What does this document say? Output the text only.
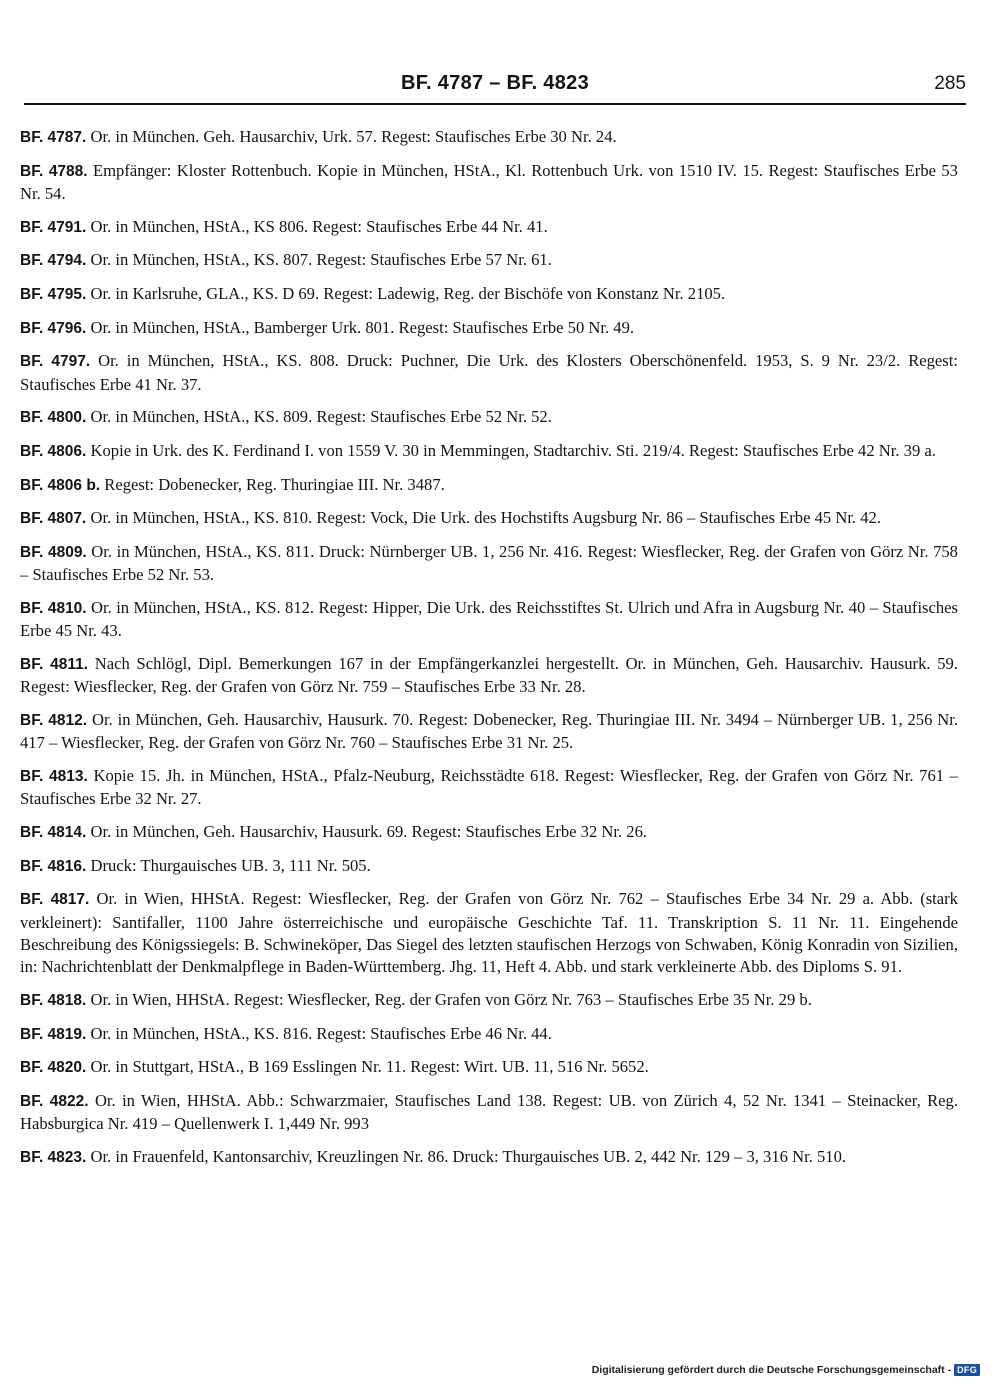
BF. 4787 – BF. 4823	285

BF. 4787. Or. in München. Geh. Hausarchiv, Urk. 57. Regest: Staufisches Erbe 30 Nr. 24.

BF. 4788. Empfänger: Kloster Rottenbuch. Kopie in München, HStA., Kl. Rottenbuch Urk. von 1510 IV. 15. Regest: Staufisches Erbe 53 Nr. 54.

BF. 4791. Or. in München, HStA., KS 806. Regest: Staufisches Erbe 44 Nr. 41.

BF. 4794. Or. in München, HStA., KS. 807. Regest: Staufisches Erbe 57 Nr. 61.

BF. 4795. Or. in Karlsruhe, GLA., KS. D 69. Regest: Ladewig, Reg. der Bischöfe von Konstanz Nr. 2105.

BF. 4796. Or. in München, HStA., Bamberger Urk. 801. Regest: Staufisches Erbe 50 Nr. 49.

BF. 4797. Or. in München, HStA., KS. 808. Druck: Puchner, Die Urk. des Klosters Oberschönenfeld. 1953, S. 9 Nr. 23/2. Regest: Staufisches Erbe 41 Nr. 37.

BF. 4800. Or. in München, HStA., KS. 809. Regest: Staufisches Erbe 52 Nr. 52.

BF. 4806. Kopie in Urk. des K. Ferdinand I. von 1559 V. 30 in Memmingen, Stadtarchiv. Sti. 219/4. Regest: Staufisches Erbe 42 Nr. 39 a.

BF. 4806 b. Regest: Dobenecker, Reg. Thuringiae III. Nr. 3487.

BF. 4807. Or. in München, HStA., KS. 810. Regest: Vock, Die Urk. des Hochstifts Augsburg Nr. 86 – Staufisches Erbe 45 Nr. 42.

BF. 4809. Or. in München, HStA., KS. 811. Druck: Nürnberger UB. 1, 256 Nr. 416. Regest: Wiesflecker, Reg. der Grafen von Görz Nr. 758 – Staufisches Erbe 52 Nr. 53.

BF. 4810. Or. in München, HStA., KS. 812. Regest: Hipper, Die Urk. des Reichsstiftes St. Ulrich und Afra in Augsburg Nr. 40 – Staufisches Erbe 45 Nr. 43.

BF. 4811. Nach Schlögl, Dipl. Bemerkungen 167 in der Empfängerkanzlei hergestellt. Or. in München, Geh. Hausarchiv. Hausurk. 59. Regest: Wiesflecker, Reg. der Grafen von Görz Nr. 759 – Staufisches Erbe 33 Nr. 28.

BF. 4812. Or. in München, Geh. Hausarchiv, Hausurk. 70. Regest: Dobenecker, Reg. Thuringiae III. Nr. 3494 – Nürnberger UB. 1, 256 Nr. 417 – Wiesflecker, Reg. der Grafen von Görz Nr. 760 – Staufisches Erbe 31 Nr. 25.

BF. 4813. Kopie 15. Jh. in München, HStA., Pfalz-Neuburg, Reichsstädte 618. Regest: Wiesflecker, Reg. der Grafen von Görz Nr. 761 – Staufisches Erbe 32 Nr. 27.

BF. 4814. Or. in München, Geh. Hausarchiv, Hausurk. 69. Regest: Staufisches Erbe 32 Nr. 26.

BF. 4816. Druck: Thurgauisches UB. 3, 111 Nr. 505.

BF. 4817. Or. in Wien, HHStA. Regest: Wiesflecker, Reg. der Grafen von Görz Nr. 762 – Staufisches Erbe 34 Nr. 29 a. Abb. (stark verkleinert): Santifaller, 1100 Jahre österreichische und europäische Geschichte Taf. 11. Transkription S. 11 Nr. 11. Eingehende Beschreibung des Königssiegels: B. Schwineköper, Das Siegel des letzten staufischen Herzogs von Schwaben, König Konradin von Sizilien, in: Nachrichtenblatt der Denkmalpflege in Baden-Württemberg. Jhg. 11, Heft 4. Abb. und stark verkleinerte Abb. des Diploms S. 91.

BF. 4818. Or. in Wien, HHStA. Regest: Wiesflecker, Reg. der Grafen von Görz Nr. 763 – Staufisches Erbe 35 Nr. 29 b.

BF. 4819. Or. in München, HStA., KS. 816. Regest: Staufisches Erbe 46 Nr. 44.

BF. 4820. Or. in Stuttgart, HStA., B 169 Esslingen Nr. 11. Regest: Wirt. UB. 11, 516 Nr. 5652.

BF. 4822. Or. in Wien, HHStA. Abb.: Schwarzmaier, Staufisches Land 138. Regest: UB. von Zürich 4, 52 Nr. 1341 – Steinacker, Reg. Habsburgica Nr. 419 – Quellenwerk I. 1,449 Nr. 993

BF. 4823. Or. in Frauenfeld, Kantonsarchiv, Kreuzlingen Nr. 86. Druck: Thurgauisches UB. 2, 442 Nr. 129 – 3, 316 Nr. 510.

Digitalisierung gefördert durch die Deutsche Forschungsgemeinschaft - DFG
